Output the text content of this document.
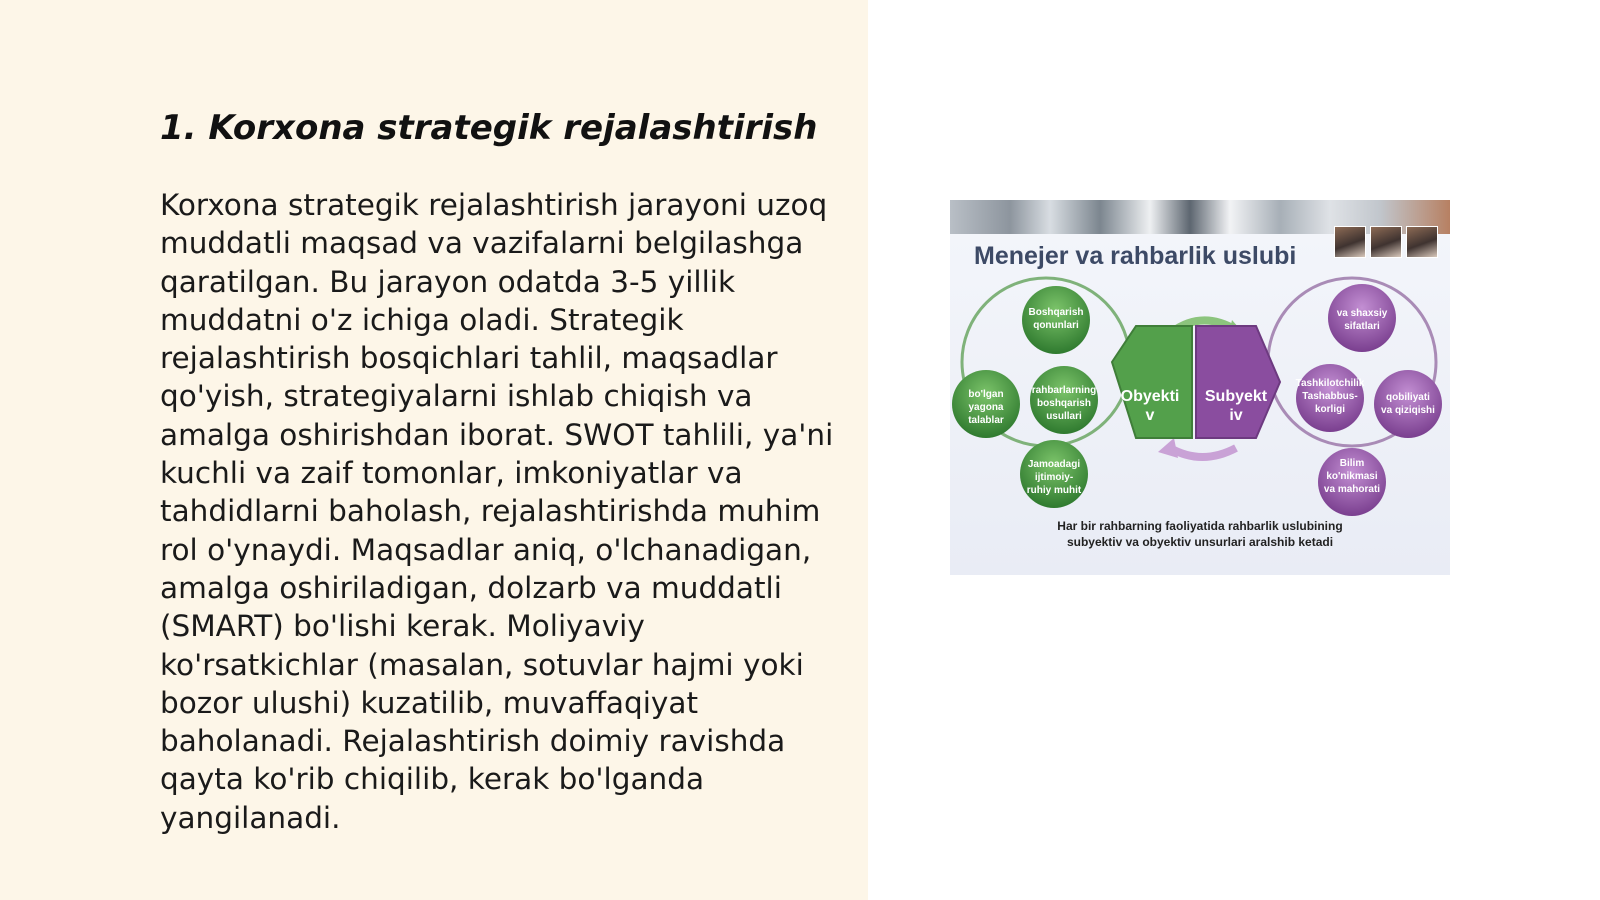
1. Korxona strategik rejalashtirish

Korxona strategik rejalashtirish jarayoni uzoq muddatli maqsad va vazifalarni belgilashga qaratilgan. Bu jarayon odatda 3-5 yillik muddatni o'z ichiga oladi. Strategik rejalashtirish bosqichlari tahlil, maqsadlar qo'yish, strategiyalarni ishlab chiqish va amalga oshirishdan iborat. SWOT tahlili, ya'ni kuchli va zaif tomonlar, imkoniyatlar va tahdidlarni baholash, rejalashtirishda muhim rol o'ynaydi. Maqsadlar aniq, o'lchanadigan, amalga oshiriladigan, dolzarb va muddatli (SMART) bo'lishi kerak. Moliyaviy ko'rsatkichlar (masalan, sotuvlar hajmi yoki bozor ulushi) kuzatilib, muvaffaqiyat baholanadi. Rejalashtirish doimiy ravishda qayta ko'rib chiqilib, kerak bo'lganda yangilanadi.

Menejer va rahbarlik uslubi
Obyekti
v
Subyekt
iv
Boshqarish
qonunlari
bo'lgan
yagona
talablar
rahbarlarning
boshqarish
usullari
Jamoadagi
ijtimoiy-
ruhiy muhit
va shaxsiy
sifatlari
Tashkilotchilik
Tashabbus-
korligi
qobiliyati
va qiziqishi
Bilim
ko'nikmasi
va mahorati
Har bir rahbarning faoliyatida rahbarlik uslubining
subyektiv va obyektiv unsurlari aralshib ketadi
